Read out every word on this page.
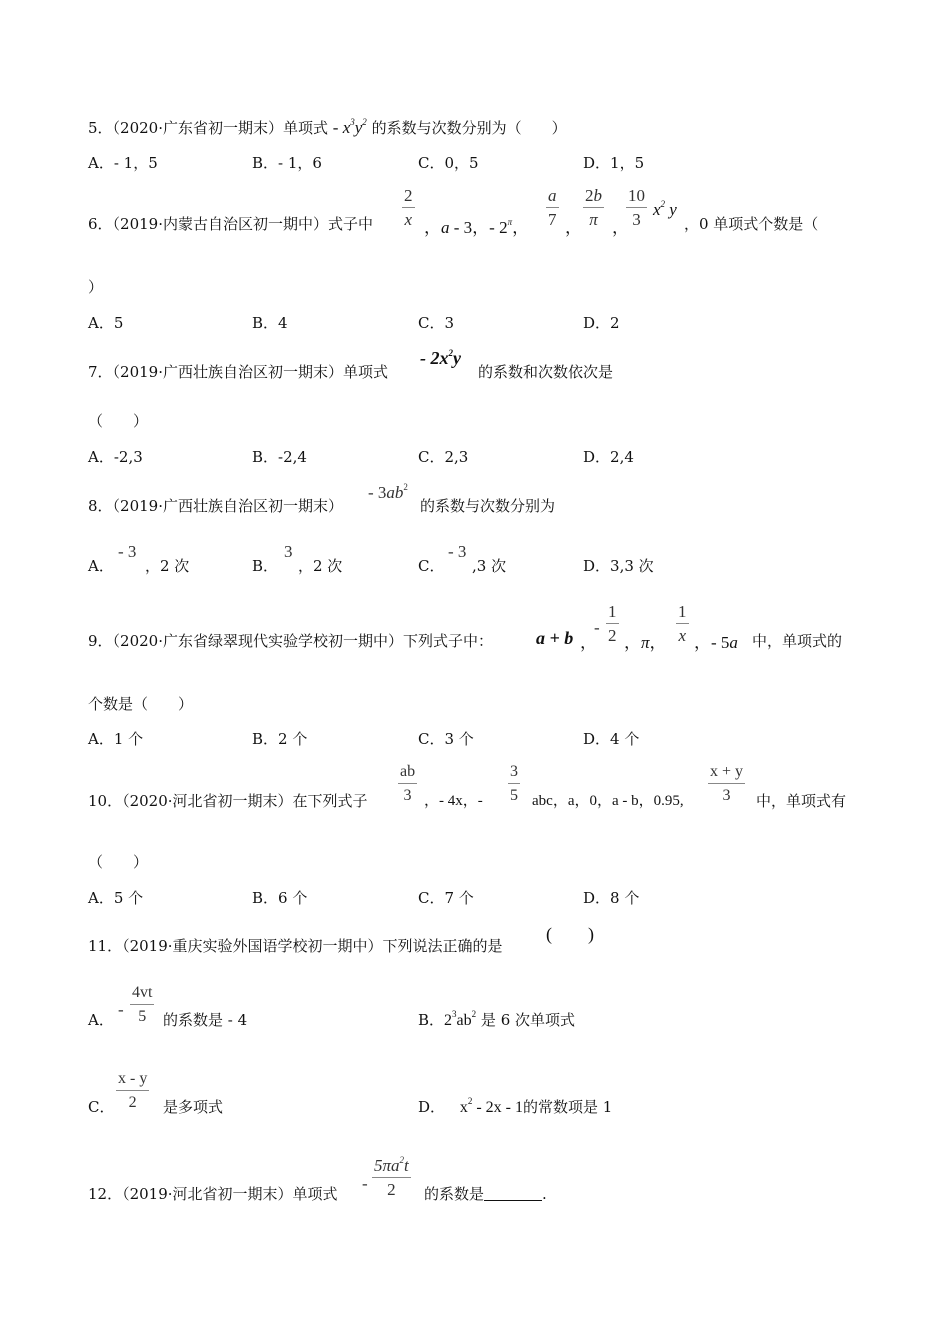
5．（2020·广东省初一期末）单项式 - $x^3y^2$ 的系数与次数分别为（　　）
A．- 1，5	B．- 1，6	C．0，5	D．1，5
6．（2019·内蒙古自治区初一期中）式子中 $\frac{2}{x}$ ，a - 3，- $2^\pi$， $\frac{a}{7}$ ， $\frac{2b}{\pi}$ ，
$\frac{10}{3} x^2$ y
，0 单项式个数是（
）
A．5	B．4	C．3	D．2
7．（2019·广西壮族自治区初一期末）单项式
- $2x^2y$
的系数和次数依次是
（　　）
A．-2,3	B．-2,4	C．2,3	D．2,4
8．（2019·广西壮族自治区初一期末）
- $3ab^2$
的系数与次数分别为
A．
- 3
，2 次	B．
3
，2 次	C．
- 3
,3 次	D．3,3 次
9．（2020·广东省绿翠现代实验学校初一期中）下列式子中： a + b ，
- $\frac{1}{2}$ ，π， $\frac{1}{x}$ ，- 5a 中，单项式的
个数是（　　）
A．1 个	B．2 个	C．3 个	D．4 个
10．（2020·河北省初一期末）在下列式子 $\frac{ab}{3}$ ，- 4x，- $\frac{3}{5}$ abc，a，0，a - b，0.95, $\frac{x + y}{3}$ 中，单项式有
（　　）
A．5 个	B．6 个	C．7 个	D．8 个
11．（2019·重庆实验外国语学校初一期中）下列说法正确的是
(　　)
A．
- $\frac{4vt}{5}$ 的系数是 - 4	B．$2^3ab^2$ 是 6 次单项式
C． $\frac{x - y}{2}$ 是多项式	D． $x^2 - 2x - 1$的常数项是 1
12．（2019·河北省初一期末）单项式
- $\frac{5\pi a^2t}{2}$ 的系数是	.
